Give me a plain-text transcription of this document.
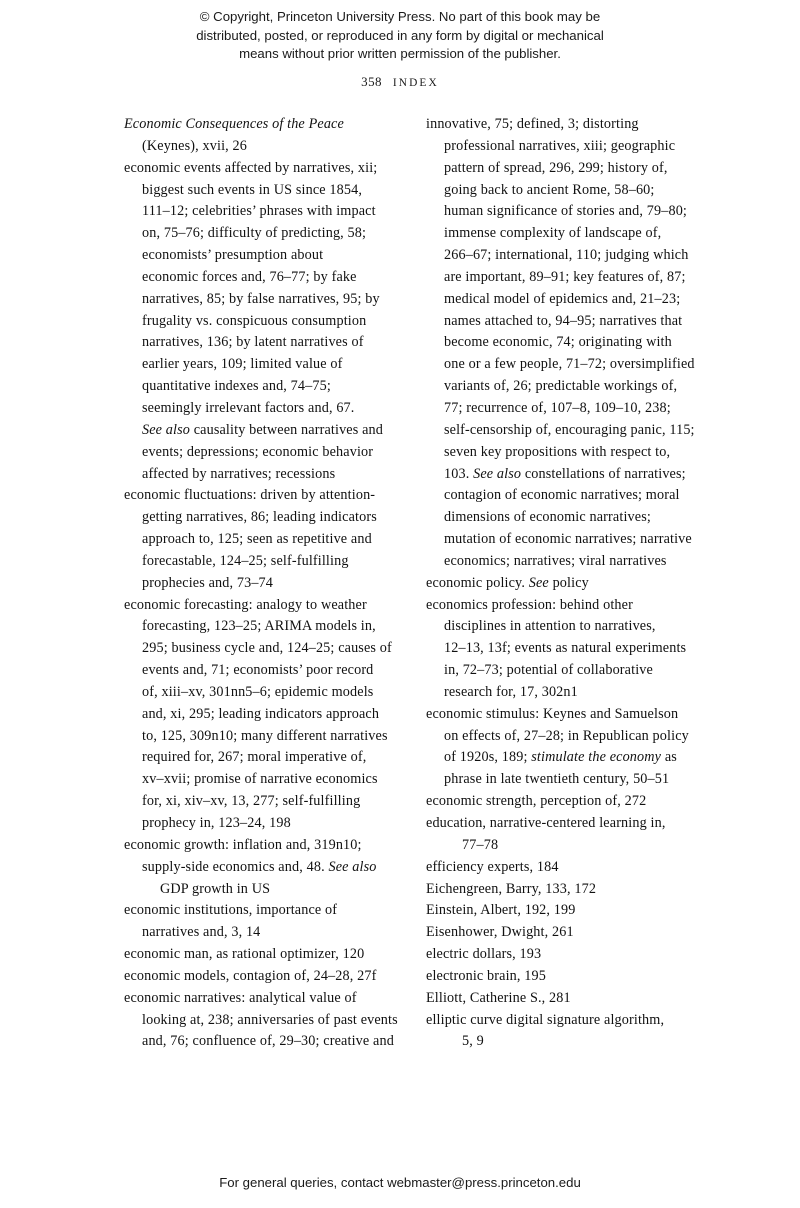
© Copyright, Princeton University Press. No part of this book may be
distributed, posted, or reproduced in any form by digital or mechanical
means without prior written permission of the publisher.
358 INDEX

Economic Consequences of the Peace
(Keynes), xvii, 26

economic events affected by narratives, xii;
biggest such events in US since 1854,
111–12; celebrities’ phrases with impact
on, 75–76; difficulty of predicting, 58;
economists’ presumption about
economic forces and, 76–77; by fake
narratives, 85; by false narratives, 95; by
frugality vs. conspicuous consumption
narratives, 136; by latent narratives of
earlier years, 109; limited value of
quantitative indexes and, 74–75;
seemingly irrelevant factors and, 67.
See also causality between narratives and
events; depressions; economic behavior
affected by narratives; recessions

economic fluctuations: driven by attention-
getting narratives, 86; leading indicators
approach to, 125; seen as repetitive and
forecastable, 124–25; self-fulfilling
prophecies and, 73–74

economic forecasting: analogy to weather
forecasting, 123–25; ARIMA models in,
295; business cycle and, 124–25; causes of
events and, 71; economists’ poor record
of, xiii–xv, 301nn5–6; epidemic models
and, xi, 295; leading indicators approach
to, 125, 309n10; many different narratives
required for, 267; moral imperative of,
xv–xvii; promise of narrative economics
for, xi, xiv–xv, 13, 277; self-fulfilling
prophecy in, 123–24, 198

economic growth: inflation and, 319n10;
supply-side economics and, 48. See also
GDP growth in US

economic institutions, importance of
narratives and, 3, 14

economic man, as rational optimizer, 120

economic models, contagion of, 24–28, 27f

economic narratives: analytical value of
looking at, 238; anniversaries of past events
and, 76; confluence of, 29–30; creative and

innovative, 75; defined, 3; distorting
professional narratives, xiii; geographic
pattern of spread, 296, 299; history of,
going back to ancient Rome, 58–60;
human significance of stories and, 79–80;
immense complexity of landscape of,
266–67; international, 110; judging which
are important, 89–91; key features of, 87;
medical model of epidemics and, 21–23;
names attached to, 94–95; narratives that
become economic, 74; originating with
one or a few people, 71–72; oversimplified
variants of, 26; predictable workings of,
77; recurrence of, 107–8, 109–10, 238;
self-censorship of, encouraging panic, 115;
seven key propositions with respect to,
103. See also constellations of narratives;
contagion of economic narratives; moral
dimensions of economic narratives;
mutation of economic narratives; narrative
economics; narratives; viral narratives

economic policy. See policy

economics profession: behind other
disciplines in attention to narratives,
12–13, 13f; events as natural experiments
in, 72–73; potential of collaborative
research for, 17, 302n1

economic stimulus: Keynes and Samuelson
on effects of, 27–28; in Republican policy
of 1920s, 189; stimulate the economy as
phrase in late twentieth century, 50–51

economic strength, perception of, 272

education, narrative-centered learning in,
77–78

efficiency experts, 184

Eichengreen, Barry, 133, 172

Einstein, Albert, 192, 199

Eisenhower, Dwight, 261

electric dollars, 193

electronic brain, 195

Elliott, Catherine S., 281

elliptic curve digital signature algorithm,
5, 9

For general queries, contact webmaster@press.princeton.edu
